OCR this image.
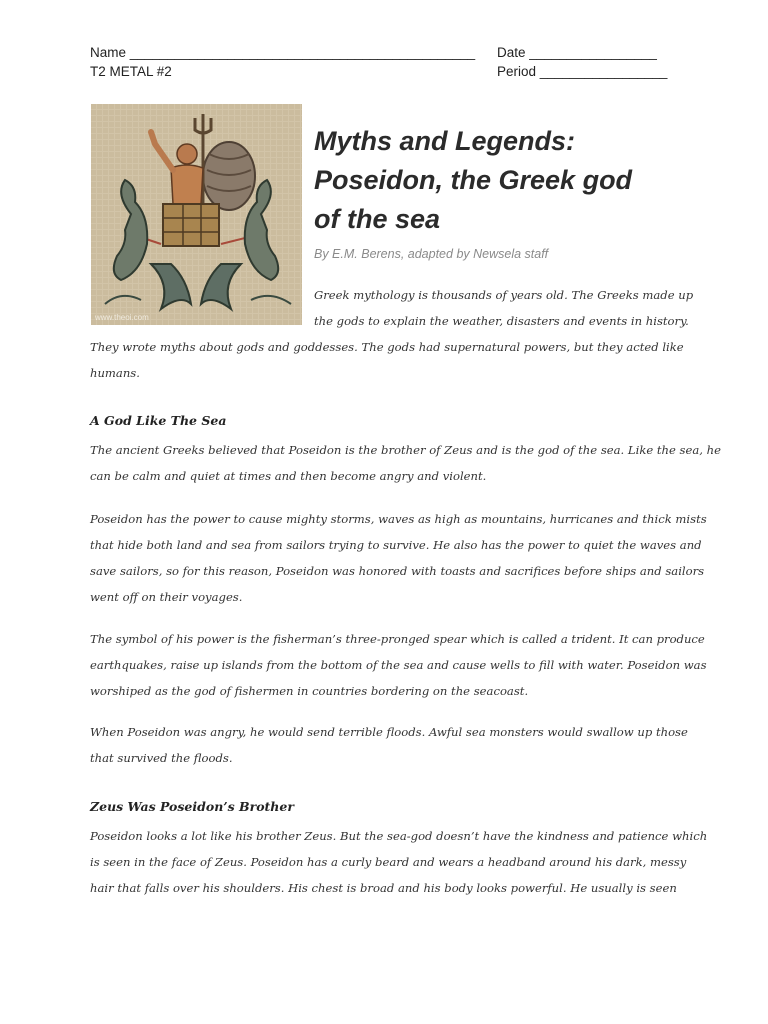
Name ______________________________________________ Date _________________
T2 METAL #2	Period _________________
www.theoi.com
Myths and Legends:
Poseidon, the Greek god
of the sea
By E.M. Berens, adapted by Newsela staff
Greek mythology is thousands of years old. The Greeks made up
the gods to explain the weather, disasters and events in history.
They wrote myths about gods and goddesses. The gods had supernatural powers, but they acted like
humans.
A God Like The Sea
The ancient Greeks believed that Poseidon is the brother of Zeus and is the god of the sea. Like the sea, he
can be calm and quiet at times and then become angry and violent.
Poseidon has the power to cause mighty storms, waves as high as mountains, hurricanes and thick mists
that hide both land and sea from sailors trying to survive. He also has the power to quiet the waves and
save sailors, so for this reason, Poseidon was honored with toasts and sacrifices before ships and sailors
went off on their voyages.
The symbol of his power is the fisherman’s three-pronged spear which is called a trident. It can produce
earthquakes, raise up islands from the bottom of the sea and cause wells to fill with water. Poseidon was
worshiped as the god of fishermen in countries bordering on the seacoast.
When Poseidon was angry, he would send terrible floods. Awful sea monsters would swallow up those
that survived the floods.
Zeus Was Poseidon’s Brother
Poseidon looks a lot like his brother Zeus. But the sea-god doesn’t have the kindness and patience which
is seen in the face of Zeus. Poseidon has a curly beard and wears a headband around his dark, messy
hair that falls over his shoulders. His chest is broad and his body looks powerful. He usually is seen
